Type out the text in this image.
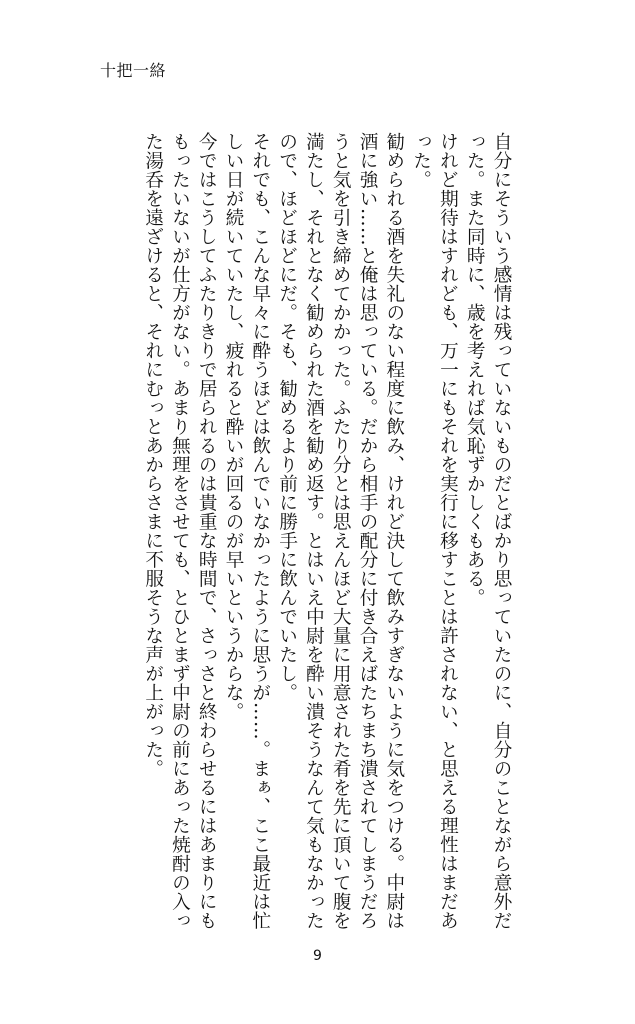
十把一絡

自分にそういう感情は残っていないものだとばかり思っていたのに、自分のことながら意外だった。また同時に、歳を考えれば気恥ずかしくもある。

けれど期待はすれども、万一にもそれを実行に移すことは許されない、と思える理性はまだあった。

勧められる酒を失礼のない程度に飲み、けれど決して飲みすぎないように気をつける。中尉は酒に強い……と俺は思っている。だから相手の配分に付き合えばたちまち潰されてしまうだろうと気を引き締めてかかった。ふたり分とは思えんほど大量に用意された肴を先に頂いて腹を満たし、それとなく勧められた酒を勧め返す。とはいえ中尉を酔い潰そうなんて気もなかったので、ほどほどにだ。そも、勧めるより前に勝手に飲んでいたし。

それでも、こんな早々に酔うほどは飲んでいなかったように思うが……。まぁ、ここ最近は忙しい日が続いていたし、疲れると酔いが回るのが早いというからな。

今ではこうしてふたりきりで居られるのは貴重な時間で、さっさと終わらせるにはあまりにももったいないが仕方がない。あまり無理をさせても、とひとまず中尉の前にあった焼酎の入った湯呑を遠ざけると、それにむっとあからさまに不服そうな声が上がった。

9
